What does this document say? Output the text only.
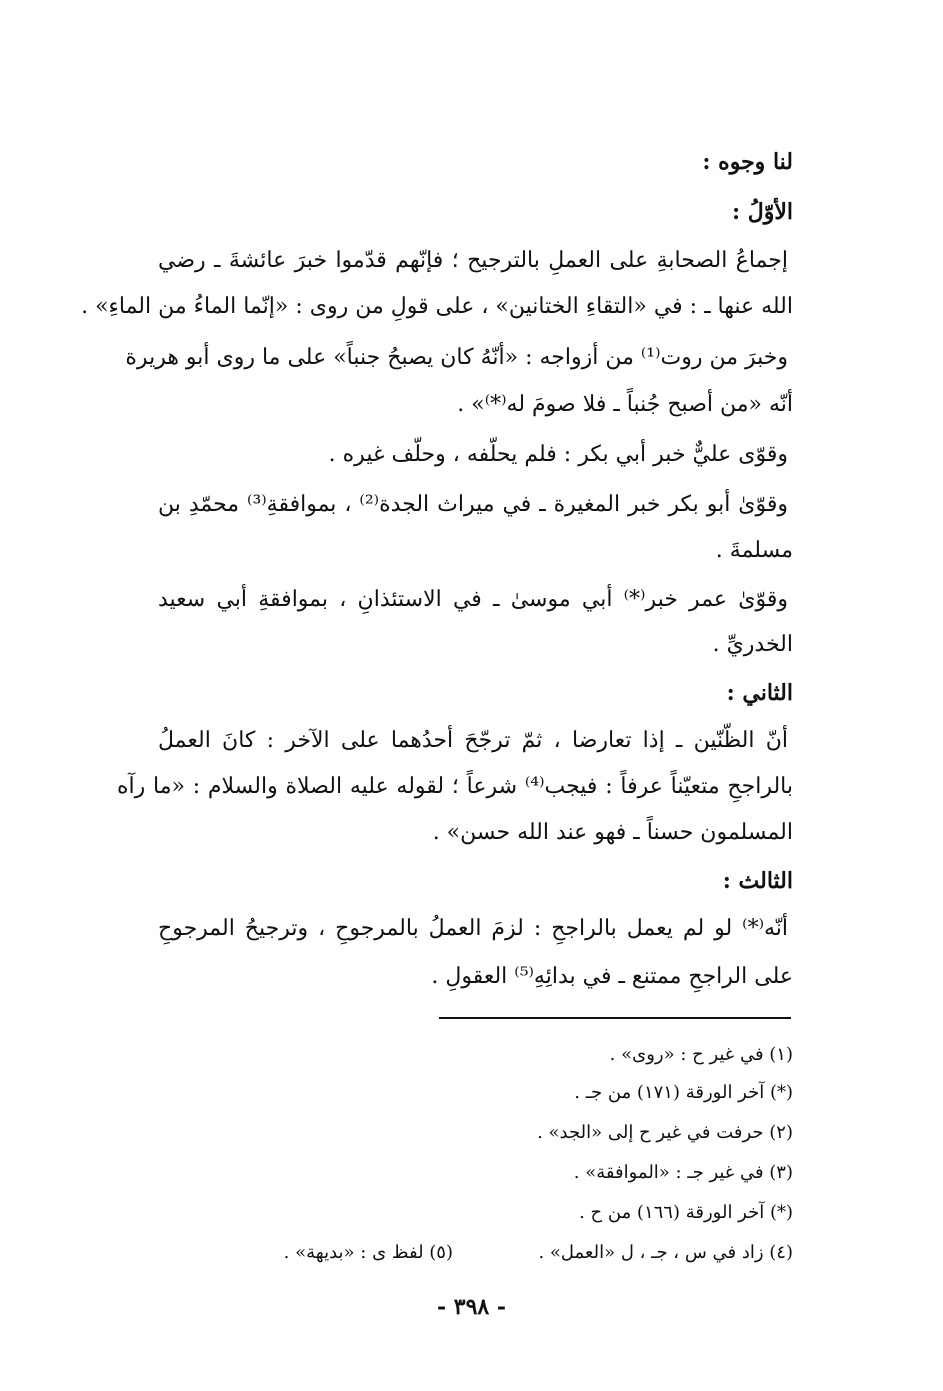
لنا وجوه :
الأوّلُ :
إجماعُ الصحابةِ على العملِ بالترجيح ؛ فإنّهم قدّموا خبرَ عائشةَ ـ رضي
الله عنها ـ : في «التقاءِ الختانين» ، على قولِ من روى : «إنّما الماءُ من الماءِ» .
وخبرَ من روت⁽¹⁾ من أزواجه : «أنّهُ كان يصبحُ جنباً» على ما روى أبو هريرة
أنّه «من أصبح جُنباً ـ فلا صومَ له⁽*⁾» .
وقوّى عليٌّ خبر أبي بكر : فلم يحلّفه ، وحلّف غيره .
وقوّىٰ أبو بكر خبر المغيرة ـ في ميراث الجدة⁽²⁾ ، بموافقةِ⁽³⁾ محمّدِ بن
مسلمةَ .
وقوّىٰ عمر خبر⁽*⁾ أبي موسىٰ ـ في الاستئذانِ ، بموافقةِ أبي سعيد
الخدريِّ .
الثاني :
أنّ الظّنّين ـ إذا تعارضا ، ثمّ ترجّحَ أحدُهما على الآخر : كانَ العملُ
بالراجحِ متعيّناً عرفاً : فيجب⁽⁴⁾ شرعاً ؛ لقوله عليه الصلاة والسلام : «ما رآه
المسلمون حسناً ـ فهو عند الله حسن» .
الثالث :
أنّه⁽*⁾ لو لم يعمل بالراجحِ : لزمَ العملُ بالمرجوحِ ، وترجيحُ المرجوحِ
على الراجحِ ممتنع ـ في بدائِهِ⁽⁵⁾ العقولِ .
(١) في غير ح : «روى» .
(*) آخر الورقة (١٧١) من جـ .
(٢) حرفت في غير ح إلى «الجد» .
(٣) في غير جـ : «الموافقة» .
(*) آخر الورقة (١٦٦) من ح .
(٤) زاد في س ، جـ ، ل «العمل» .
(٥) لفظ ى : «بديهة» .
- ٣٩٨ -
